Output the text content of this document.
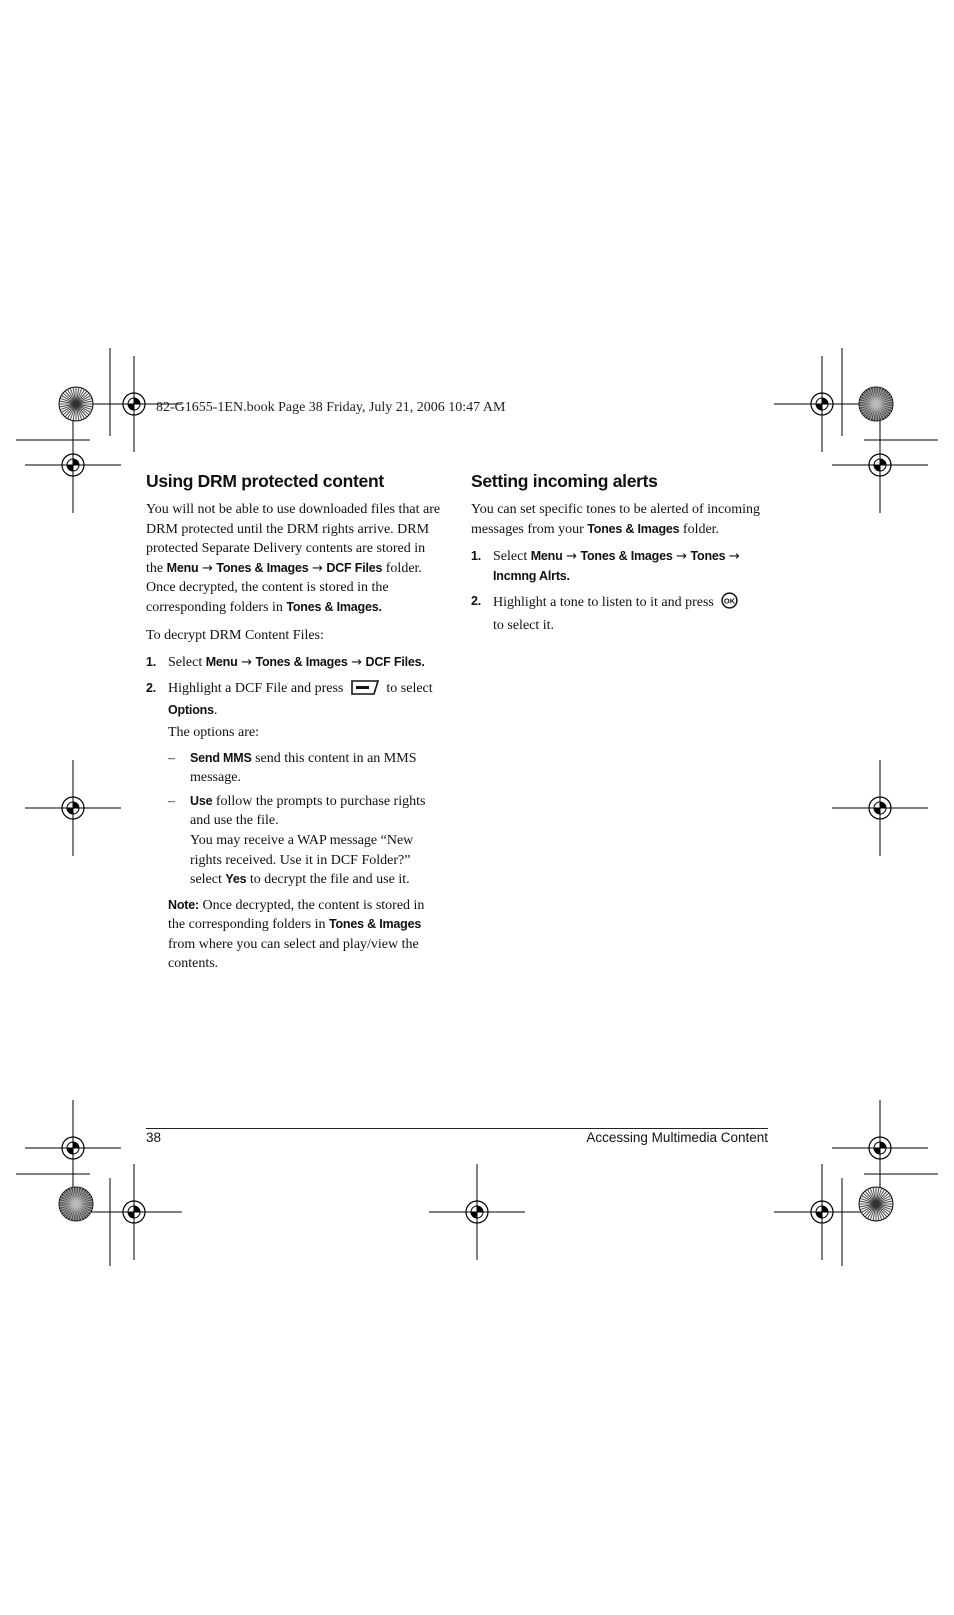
82-G1655-1EN.book Page 38 Friday, July 21, 2006 10:47 AM
Using DRM protected content

You will not be able to use downloaded files that are DRM protected until the DRM rights arrive. DRM protected Separate Delivery contents are stored in the Menu → Tones & Images → DCF Files folder. Once decrypted, the content is stored in the corresponding folders in Tones & Images.

To decrypt DRM Content Files:

1. Select Menu → Tones & Images → DCF Files.
2. Highlight a DCF File and press	to select Options.
The options are:
– Send MMS send this content in an MMS message.
– Use follow the prompts to purchase rights and use the file.
You may receive a WAP message “New rights received. Use it in DCF Folder?” select Yes to decrypt the file and use it.
Note: Once decrypted, the content is stored in the corresponding folders in Tones & Images from where you can select and play/view the contents.
Setting incoming alerts

You can set specific tones to be alerted of incoming messages from your Tones & Images folder.

1. Select Menu → Tones & Images → Tones → Incmng Alrts.
2. Highlight a tone to listen to it and press OK

to select it.
38	Accessing Multimedia Content
